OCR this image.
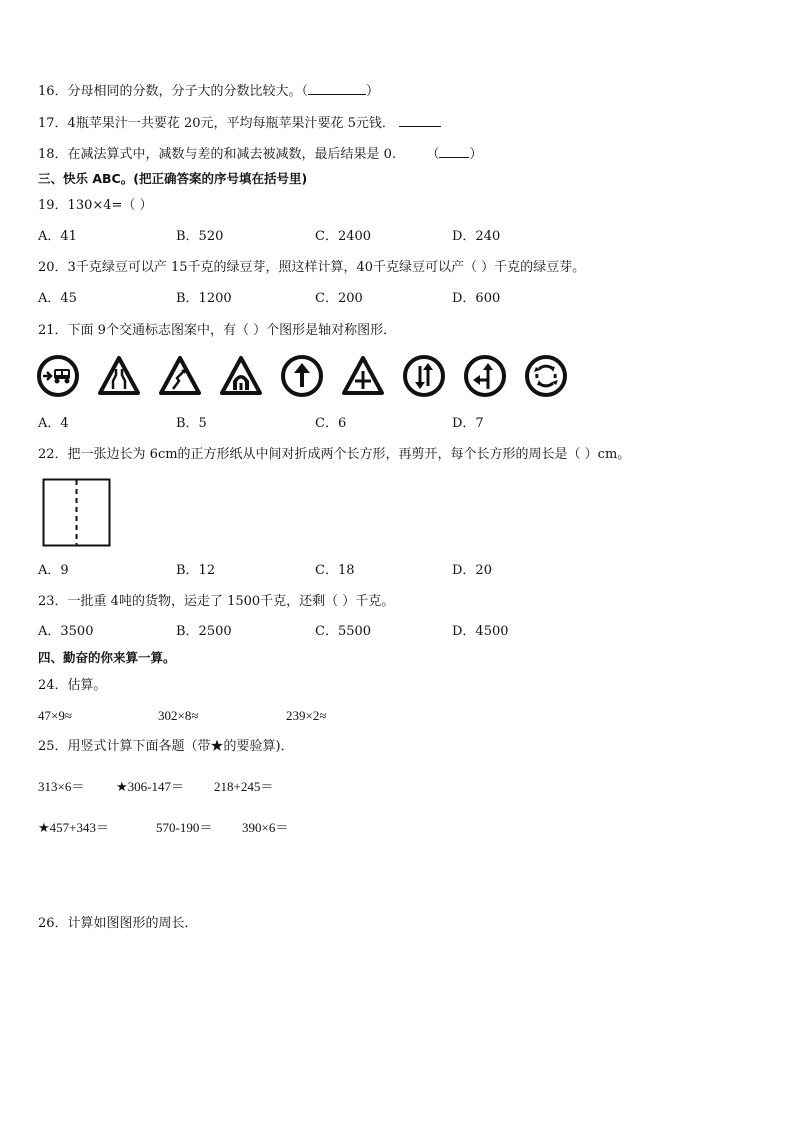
16．分母相同的分数，分子大的分数比较大。（	）
17．4瓶苹果汁一共要花 20元，平均每瓶苹果汁要花 5元钱．
18．在减法算式中，减数与差的和减去被减数，最后结果是 0. （ ）
三、快乐 ABC。(把正确答案的序号填在括号里)
19．130×4=（ ）
A．41	B．520	C．2400	D．240
20．3千克绿豆可以产 15千克的绿豆芽，照这样计算，40千克绿豆可以产（ ）千克的绿豆芽。
A．45	B．1200	C．200	D．600
21．下面 9个交通标志图案中，有（ ）个图形是轴对称图形．
A．4	B．5	C．6	D．7
22．把一张边长为 6cm的正方形纸从中间对折成两个长方形，再剪开，每个长方形的周长是（ ）cm。
A．9	B．12	C．18	D．20
23．一批重 4吨的货物，运走了 1500千克，还剩（ ）千克。
A．3500	B．2500	C．5500	D．4500
四、勤奋的你来算一算。
24．估算。
47×9≈	302×8≈	239×2≈
25．用竖式计算下面各题（带★的要验算)．
313×6＝ ★306-147＝ 218+245＝
★457+343＝	570-190＝ 390×6＝
26．计算如图图形的周长．
